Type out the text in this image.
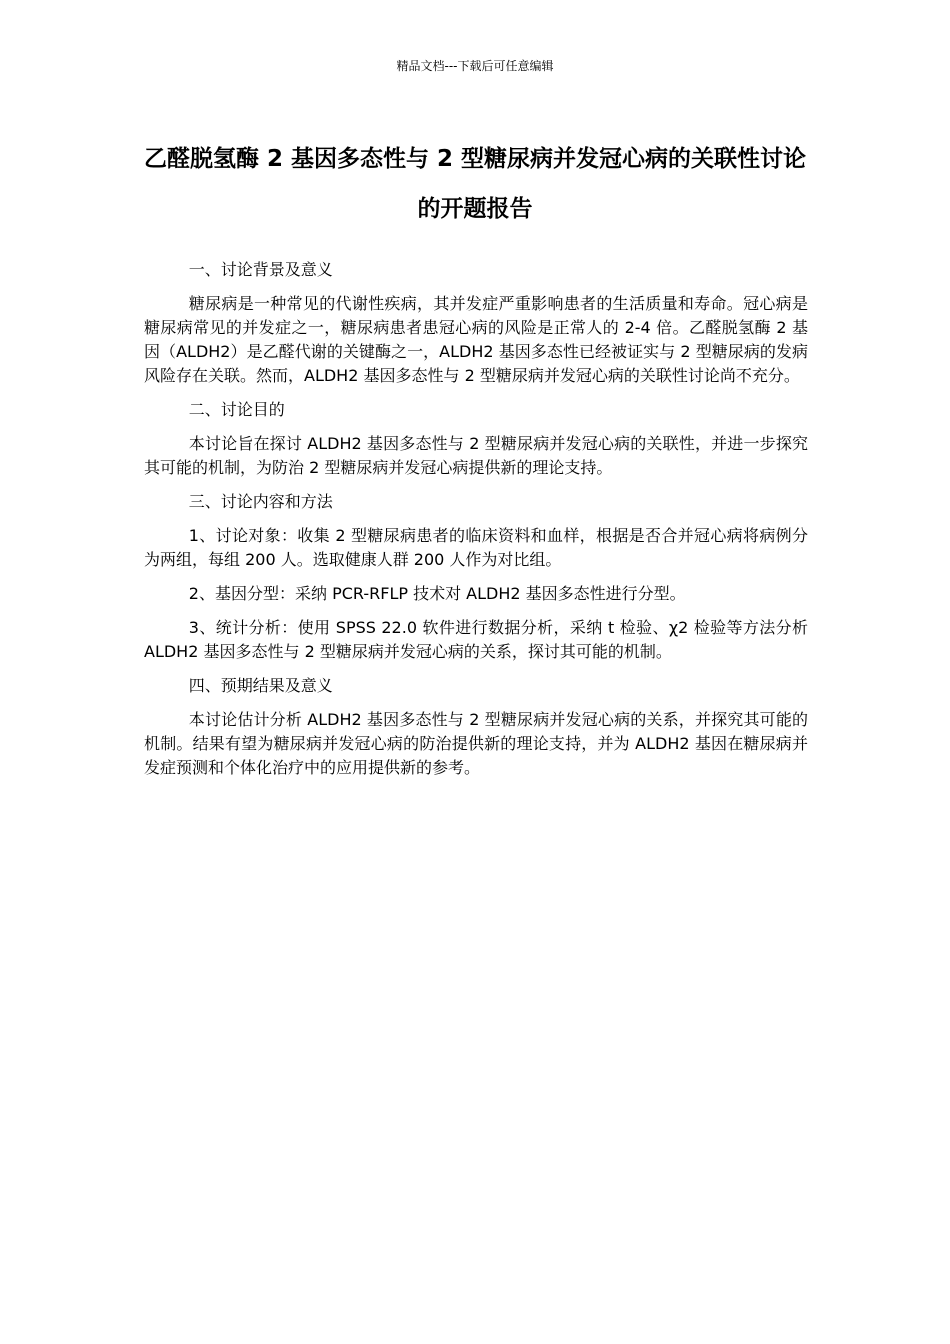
精品文档---下载后可任意编辑
乙醛脱氢酶 2 基因多态性与 2 型糖尿病并发冠心病的关联性讨论的开题报告

一、讨论背景及意义

糖尿病是一种常见的代谢性疾病，其并发症严重影响患者的生活质量和寿命。冠心病是糖尿病常见的并发症之一，糖尿病患者患冠心病的风险是正常人的 2-4 倍。乙醛脱氢酶 2 基因（ALDH2）是乙醛代谢的关键酶之一，ALDH2 基因多态性已经被证实与 2 型糖尿病的发病风险存在关联。然而，ALDH2 基因多态性与 2 型糖尿病并发冠心病的关联性讨论尚不充分。

二、讨论目的

本讨论旨在探讨 ALDH2 基因多态性与 2 型糖尿病并发冠心病的关联性，并进一步探究其可能的机制，为防治 2 型糖尿病并发冠心病提供新的理论支持。

三、讨论内容和方法

1、讨论对象：收集 2 型糖尿病患者的临床资料和血样，根据是否合并冠心病将病例分为两组，每组 200 人。选取健康人群 200 人作为对比组。

2、基因分型：采纳 PCR-RFLP 技术对 ALDH2 基因多态性进行分型。

3、统计分析：使用 SPSS 22.0 软件进行数据分析，采纳 t 检验、χ2 检验等方法分析 ALDH2 基因多态性与 2 型糖尿病并发冠心病的关系，探讨其可能的机制。

四、预期结果及意义

本讨论估计分析 ALDH2 基因多态性与 2 型糖尿病并发冠心病的关系，并探究其可能的机制。结果有望为糖尿病并发冠心病的防治提供新的理论支持，并为 ALDH2 基因在糖尿病并发症预测和个体化治疗中的应用提供新的参考。
